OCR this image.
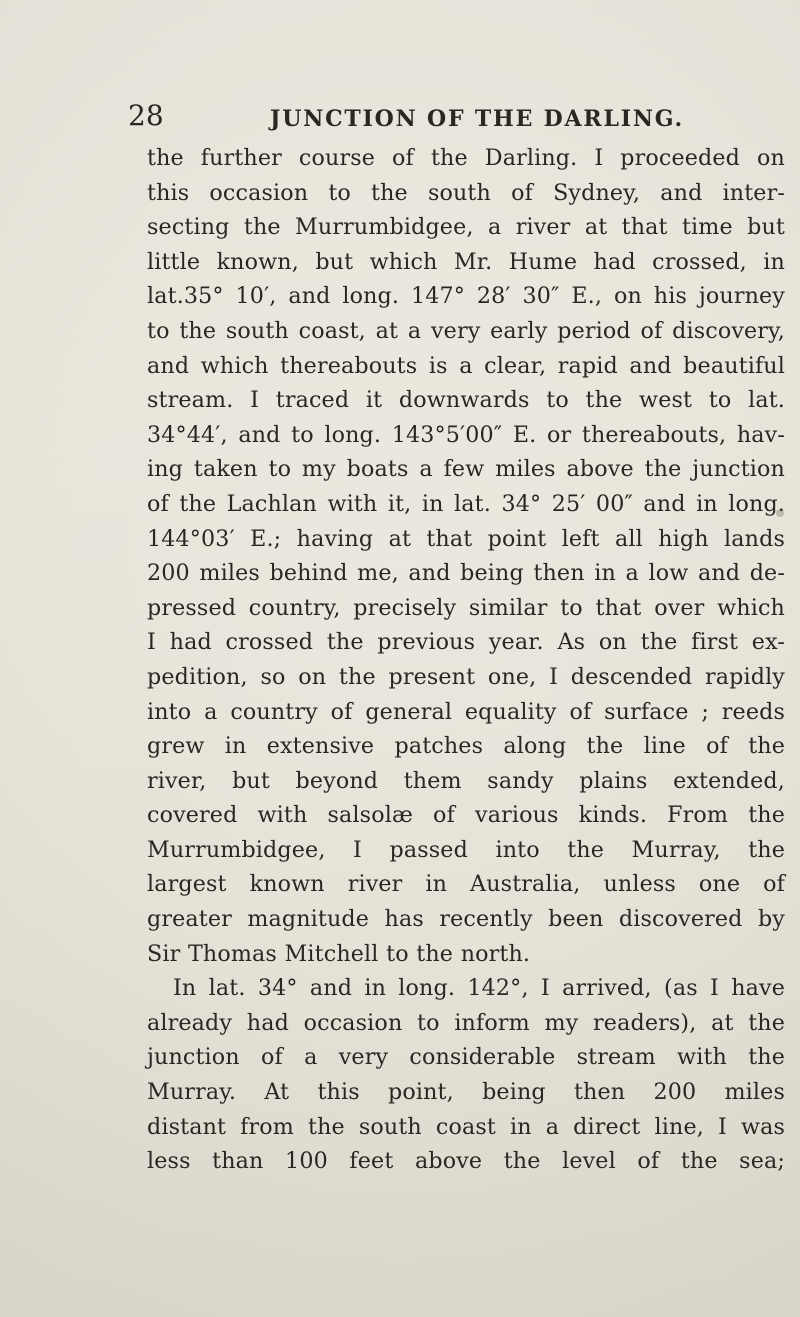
28	JUNCTION OF THE DARLING.
the further course of the Darling. I proceeded on
this occasion to the south of Sydney, and inter-
secting the Murrumbidgee, a river at that time but
little known, but which Mr. Hume had crossed, in
lat.35° 10′, and long. 147° 28′ 30″ E., on his journey
to the south coast, at a very early period of discovery,
and which thereabouts is a clear, rapid and beautiful
stream. I traced it downwards to the west to lat.
34°44′, and to long. 143°5′00″ E. or thereabouts, hav-
ing taken to my boats a few miles above the junction
of the Lachlan with it, in lat. 34° 25′ 00″ and in long.
144°03′ E.; having at that point left all high lands
200 miles behind me, and being then in a low and de-
pressed country, precisely similar to that over which
I had crossed the previous year. As on the first ex-
pedition, so on the present one, I descended rapidly
into a country of general equality of surface ; reeds
grew in extensive patches along the line of the
river, but beyond them sandy plains extended,
covered with salsolæ of various kinds. From the
Murrumbidgee, I passed into the Murray, the
largest known river in Australia, unless one of
greater magnitude has recently been discovered by
Sir Thomas Mitchell to the north.
In lat. 34° and in long. 142°, I arrived, (as I have
already had occasion to inform my readers), at the
junction of a very considerable stream with the
Murray. At this point, being then 200 miles
distant from the south coast in a direct line, I was
less than 100 feet above the level of the sea;
